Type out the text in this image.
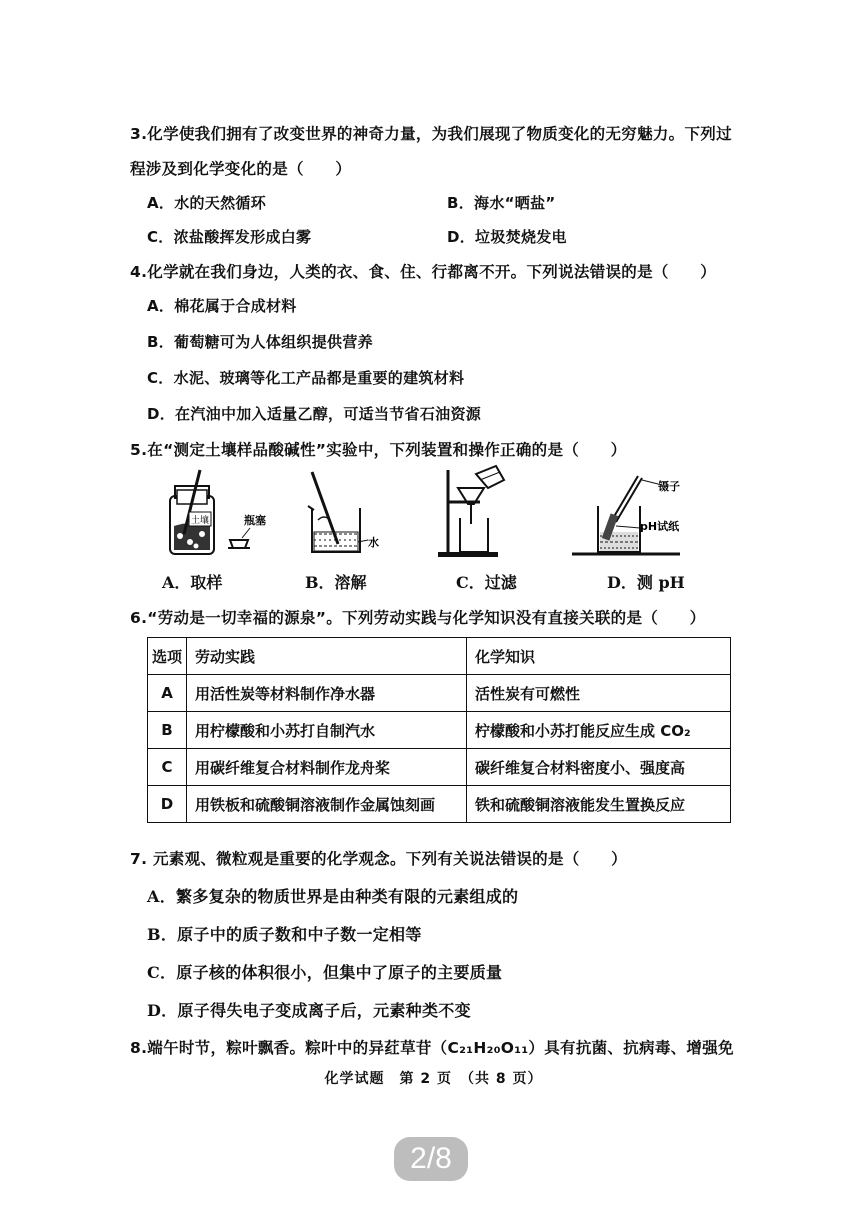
3.化学使我们拥有了改变世界的神奇力量，为我们展现了物质变化的无穷魅力。下列过
程涉及到化学变化的是（　　）
A．水的天然循环	B．海水“晒盐”
C．浓盐酸挥发形成白雾	D．垃圾焚烧发电
4.化学就在我们身边，人类的衣、食、住、行都离不开。下列说法错误的是（　　）
A．棉花属于合成材料
B．葡萄糖可为人体组织提供营养
C．水泥、玻璃等化工产品都是重要的建筑材料
D．在汽油中加入适量乙醇，可适当节省石油资源
5.在“测定土壤样品酸碱性”实验中，下列装置和操作正确的是（　　）
土壤	瓶塞
水
镊子
pH试纸
A．取样	B．溶解	C．过滤	D．测 pH
6.“劳动是一切幸福的源泉”。下列劳动实践与化学知识没有直接关联的是（　　）
选项	劳动实践	化学知识
A	用活性炭等材料制作净水器	活性炭有可燃性
B	用柠檬酸和小苏打自制汽水	柠檬酸和小苏打能反应生成 CO₂
C	用碳纤维复合材料制作龙舟桨	碳纤维复合材料密度小、强度高
D	用铁板和硫酸铜溶液制作金属蚀刻画	铁和硫酸铜溶液能发生置换反应
7. 元素观、微粒观是重要的化学观念。下列有关说法错误的是（　　）
A．繁多复杂的物质世界是由种类有限的元素组成的
B．原子中的质子数和中子数一定相等
C．原子核的体积很小，但集中了原子的主要质量
D．原子得失电子变成离子后，元素种类不变
8.端午时节，粽叶飘香。粽叶中的异荭草苷（C₂₁H₂₀O₁₁）具有抗菌、抗病毒、增强免
化学试题　第 2 页　（共 8 页）
2/8
